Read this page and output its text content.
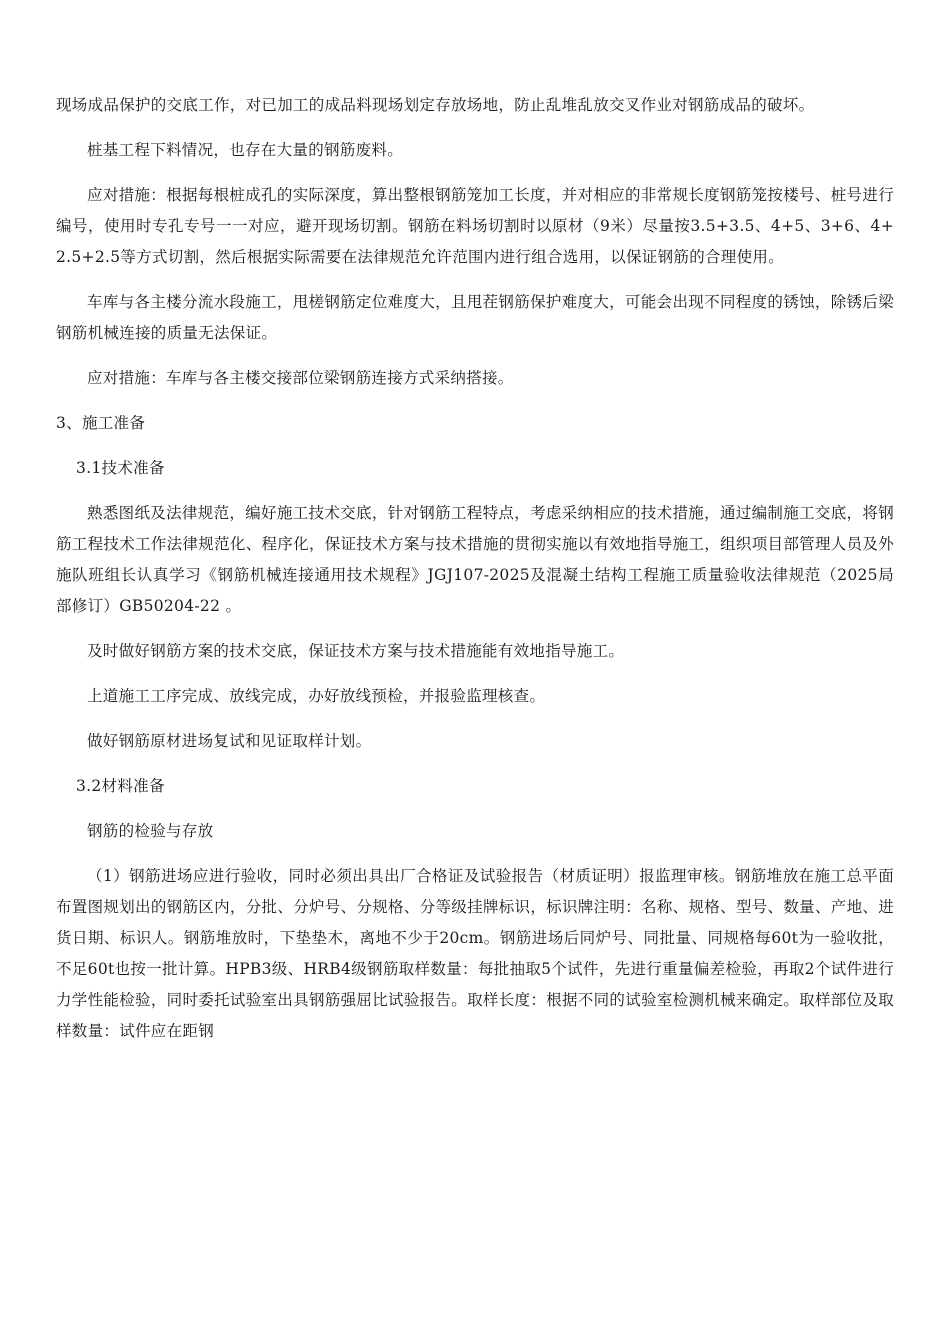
现场成品保护的交底工作，对已加工的成品料现场划定存放场地，防止乱堆乱放交叉作业对钢筋成品的破坏。

桩基工程下料情况，也存在大量的钢筋废料。

应对措施：根据每根桩成孔的实际深度，算出整根钢筋笼加工长度，并对相应的非常规长度钢筋笼按楼号、桩号进行编号，使用时专孔专号一一对应，避开现场切割。钢筋在料场切割时以原材（9米）尽量按3.5+3.5、4+5、3+6、4+2.5+2.5等方式切割，然后根据实际需要在法律规范允许范围内进行组合选用，以保证钢筋的合理使用。

车库与各主楼分流水段施工，甩槎钢筋定位难度大，且甩茬钢筋保护难度大，可能会出现不同程度的锈蚀，除锈后梁钢筋机械连接的质量无法保证。

应对措施：车库与各主楼交接部位梁钢筋连接方式采纳搭接。

3、施工准备
3.1技术准备

熟悉图纸及法律规范，编好施工技术交底，针对钢筋工程特点，考虑采纳相应的技术措施，通过编制施工交底，将钢筋工程技术工作法律规范化、程序化，保证技术方案与技术措施的贯彻实施以有效地指导施工，组织项目部管理人员及外施队班组长认真学习《钢筋机械连接通用技术规程》JGJ107-2025及混凝土结构工程施工质量验收法律规范（2025局部修订）GB50204-22 。

及时做好钢筋方案的技术交底，保证技术方案与技术措施能有效地指导施工。

上道施工工序完成、放线完成，办好放线预检，并报验监理核查。

做好钢筋原材进场复试和见证取样计划。

3.2材料准备

钢筋的检验与存放

（1）钢筋进场应进行验收，同时必须出具出厂合格证及试验报告（材质证明）报监理审核。钢筋堆放在施工总平面布置图规划出的钢筋区内，分批、分炉号、分规格、分等级挂牌标识，标识牌注明：名称、规格、型号、数量、产地、进货日期、标识人。钢筋堆放时，下垫垫木，离地不少于20cm。钢筋进场后同炉号、同批量、同规格每60t为一验收批，不足60t也按一批计算。HPB3级、HRB4级钢筋取样数量：每批抽取5个试件，先进行重量偏差检验，再取2个试件进行力学性能检验，同时委托试验室出具钢筋强屈比试验报告。取样长度：根据不同的试验室检测机械来确定。取样部位及取样数量：试件应在距钢
